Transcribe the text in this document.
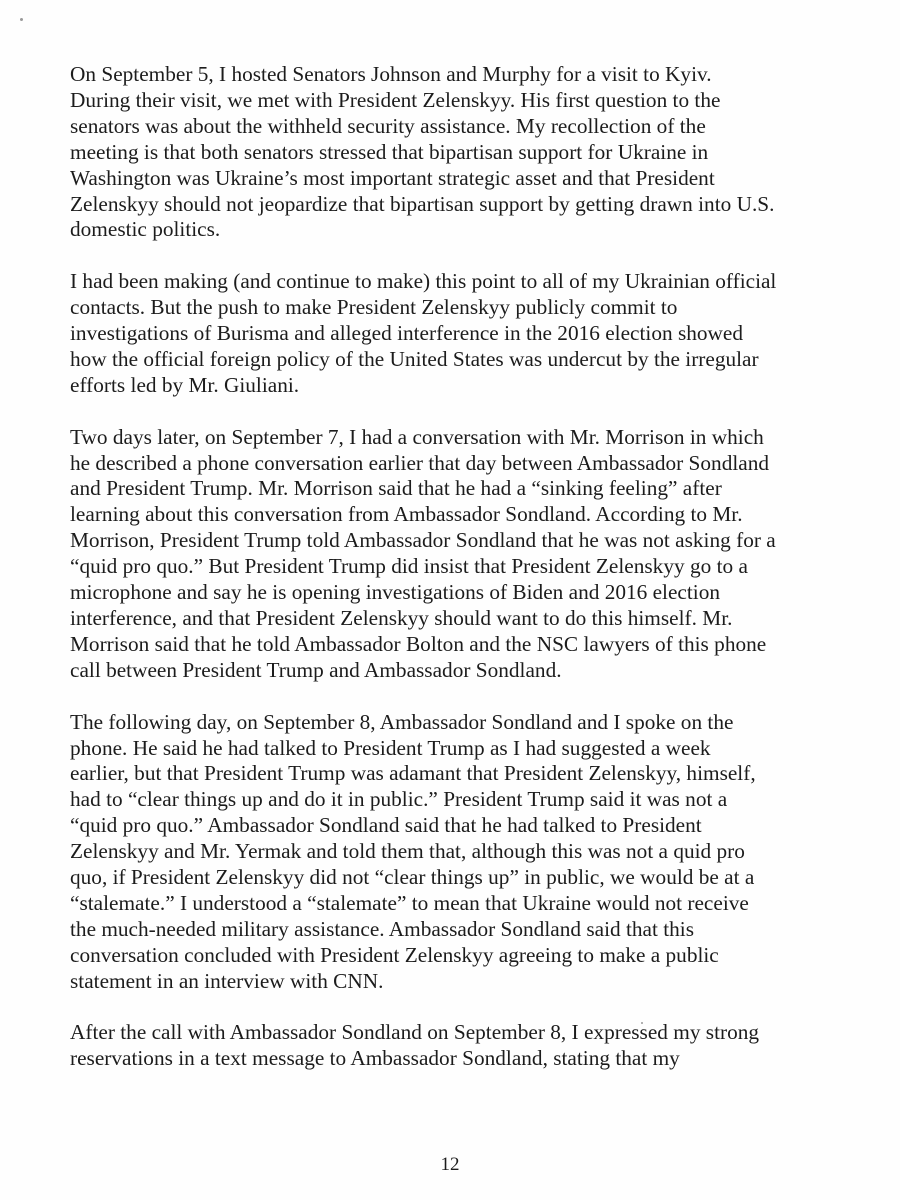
On September 5, I hosted Senators Johnson and Murphy for a visit to Kyiv.
During their visit, we met with President Zelenskyy. His first question to the
senators was about the withheld security assistance. My recollection of the
meeting is that both senators stressed that bipartisan support for Ukraine in
Washington was Ukraine’s most important strategic asset and that President
Zelenskyy should not jeopardize that bipartisan support by getting drawn into U.S.
domestic politics.

I had been making (and continue to make) this point to all of my Ukrainian official
contacts. But the push to make President Zelenskyy publicly commit to
investigations of Burisma and alleged interference in the 2016 election showed
how the official foreign policy of the United States was undercut by the irregular
efforts led by Mr. Giuliani.

Two days later, on September 7, I had a conversation with Mr. Morrison in which
he described a phone conversation earlier that day between Ambassador Sondland
and President Trump. Mr. Morrison said that he had a “sinking feeling” after
learning about this conversation from Ambassador Sondland. According to Mr.
Morrison, President Trump told Ambassador Sondland that he was not asking for a
“quid pro quo.” But President Trump did insist that President Zelenskyy go to a
microphone and say he is opening investigations of Biden and 2016 election
interference, and that President Zelenskyy should want to do this himself. Mr.
Morrison said that he told Ambassador Bolton and the NSC lawyers of this phone
call between President Trump and Ambassador Sondland.

The following day, on September 8, Ambassador Sondland and I spoke on the
phone. He said he had talked to President Trump as I had suggested a week
earlier, but that President Trump was adamant that President Zelenskyy, himself,
had to “clear things up and do it in public.” President Trump said it was not a
“quid pro quo.” Ambassador Sondland said that he had talked to President
Zelenskyy and Mr. Yermak and told them that, although this was not a quid pro
quo, if President Zelenskyy did not “clear things up” in public, we would be at a
“stalemate.” I understood a “stalemate” to mean that Ukraine would not receive
the much-needed military assistance. Ambassador Sondland said that this
conversation concluded with President Zelenskyy agreeing to make a public
statement in an interview with CNN.

After the call with Ambassador Sondland on September 8, I expressed my strong
reservations in a text message to Ambassador Sondland, stating that my

12
